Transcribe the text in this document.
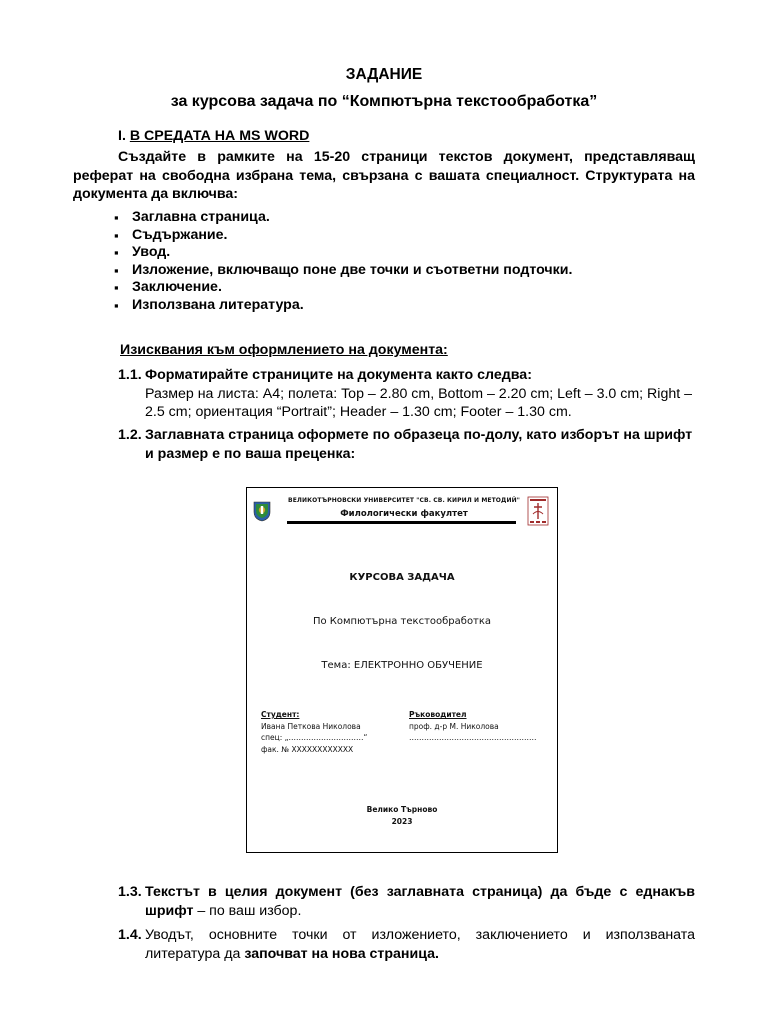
ЗАДАНИЕ
за курсова задача по “Компютърна текстообработка”
I. В СРЕДАТА НА MS WORD
Създайте в рамките на 15-20 страници текстов документ, представляващ реферат на свободна избрана тема, свързана с вашата специалност. Структурата на документа да включва:
▪ Заглавна страница.
▪ Съдържание.
▪ Увод.
▪ Изложение, включващо поне две точки и съответни подточки.
▪ Заключение.
▪ Използвана литература.
Изисквания към оформлението на документа:
1.1. Форматирайте страниците на документа както следва:
Размер на листа: А4; полета: Top – 2.80 cm, Bottom – 2.20 cm; Left – 3.0 cm; Right – 2.5 cm; ориентация “Portrait”; Header – 1.30 cm; Footer – 1.30 cm.
1.2. Заглавната страница оформете по образеца по-долу, като изборът на шрифт и размер е по ваша преценка:
ВЕЛИКОТЪРНОВСКИ УНИВЕРСИТЕТ "СВ. СВ. КИРИЛ И МЕТОДИЙ"
Филологически факултет
КУРСОВА ЗАДАЧА
По Компютърна текстообработка
Тема: ЕЛЕКТРОННО ОБУЧЕНИЕ
Студент:
Ивана Петкова Николова
спец: „…………………………“
фак. № XXXXXXXXXXXX
Ръководител
проф. д-р М. Николова
……………………………………………
Велико Търново
2023
1.3. Текстът в целия документ (без заглавната страница) да бъде с еднакъв шрифт – по ваш избор.
1.4. Уводът, основните точки от изложението, заключението и използваната литература да започват на нова страница.
